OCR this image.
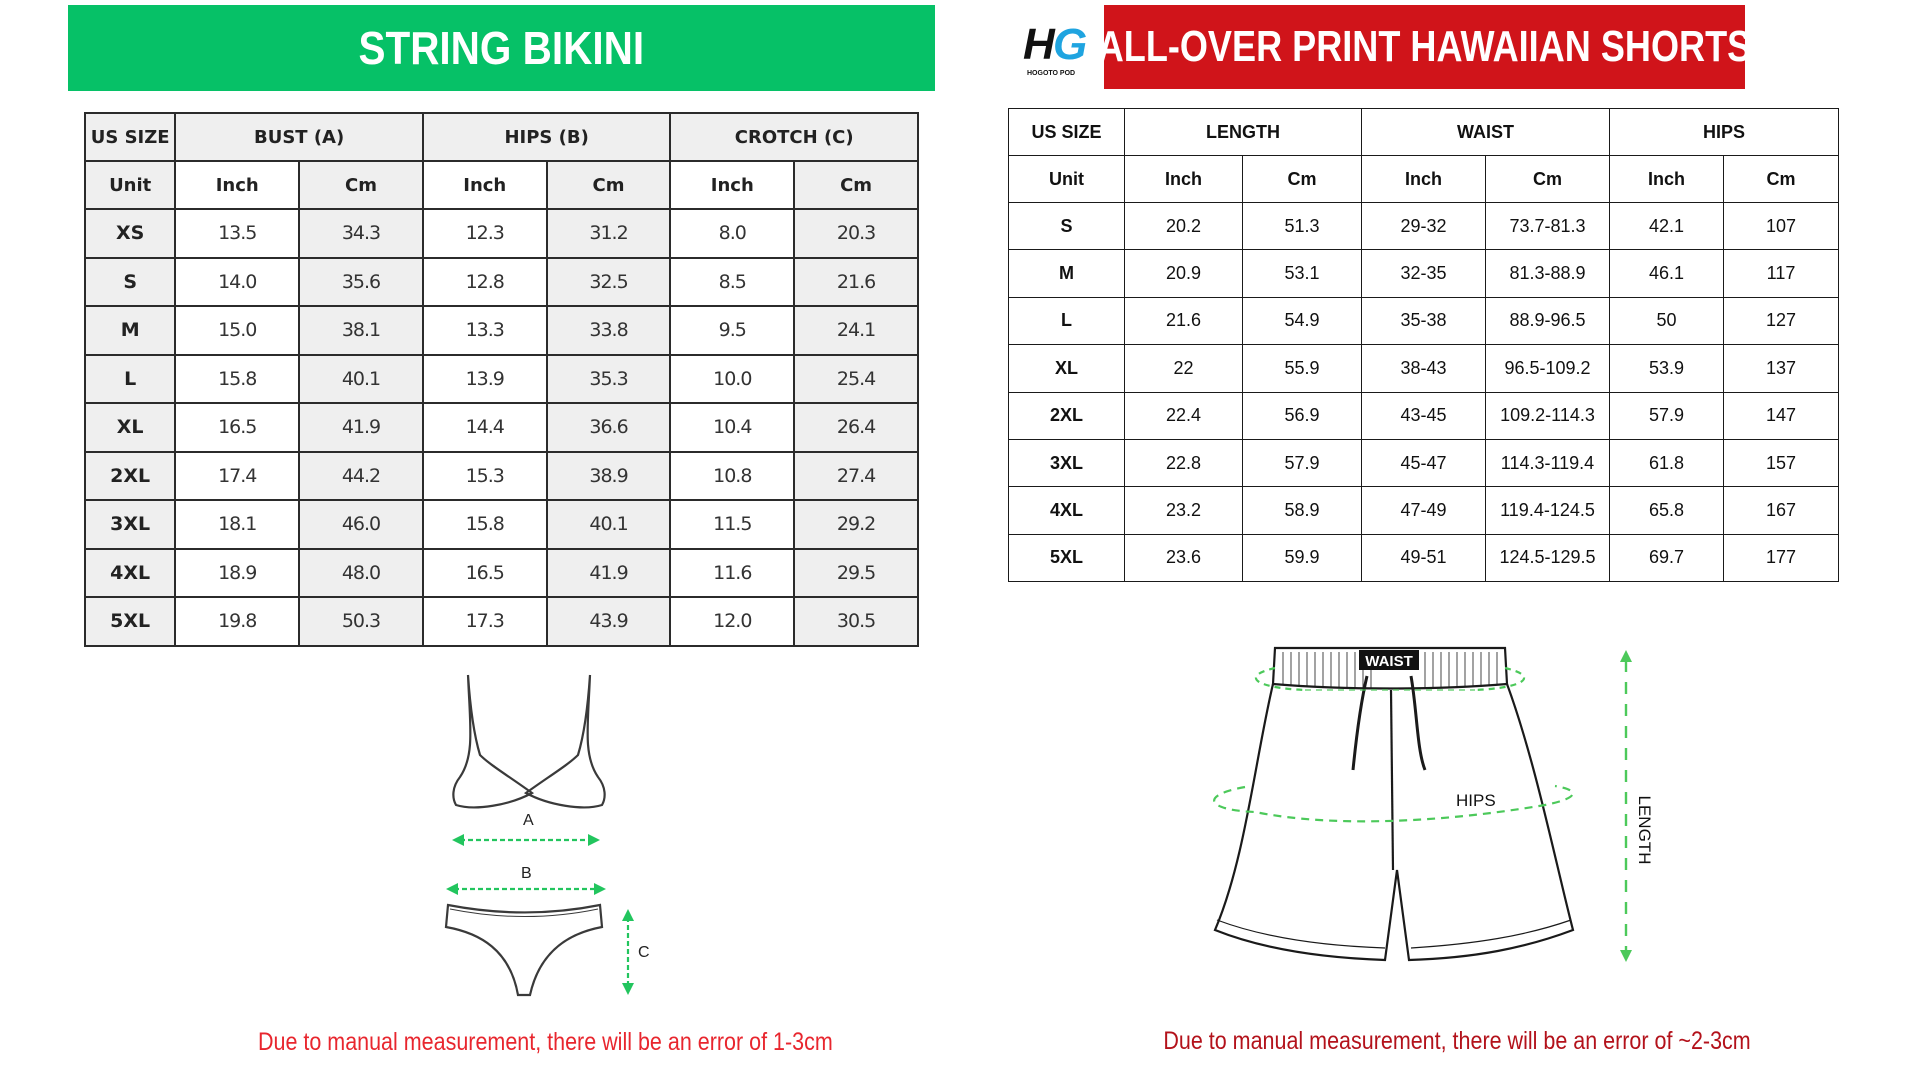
STRING BIKINI
US SIZE	BUST (A)		HIPS (B)		CROTCH (C)	
Unit	Inch	Cm	Inch	Cm	Inch	Cm
XS	13.5	34.3	12.3	31.2	8.0	20.3
S	14.0	35.6	12.8	32.5	8.5	21.6
M	15.0	38.1	13.3	33.8	9.5	24.1
L	15.8	40.1	13.9	35.3	10.0	25.4
XL	16.5	41.9	14.4	36.6	10.4	26.4
2XL	17.4	44.2	15.3	38.9	10.8	27.4
3XL	18.1	46.0	15.8	40.1	11.5	29.2
4XL	18.9	48.0	16.5	41.9	11.6	29.5
5XL	19.8	50.3	17.3	43.9	12.0	30.5
A
B
C
Due to manual measurement, there will be an error of 1-3cm
H
G
HOGOTO POD
ALL-OVER PRINT HAWAIIAN SHORTS
US SIZE	LENGTH		WAIST		HIPS	
Unit	Inch	Cm	Inch	Cm	Inch	Cm
S	20.2	51.3	29-32	73.7-81.3	42.1	107
M	20.9	53.1	32-35	81.3-88.9	46.1	117
L	21.6	54.9	35-38	88.9-96.5	50	127
XL	22	55.9	38-43	96.5-109.2	53.9	137
2XL	22.4	56.9	43-45	109.2-114.3	57.9	147
3XL	22.8	57.9	45-47	114.3-119.4	61.8	157
4XL	23.2	58.9	47-49	119.4-124.5	65.8	167
5XL	23.6	59.9	49-51	124.5-129.5	69.7	177
WAIST
HIPS	LENGTH
Due to manual measurement, there will be an error of ~2-3cm
